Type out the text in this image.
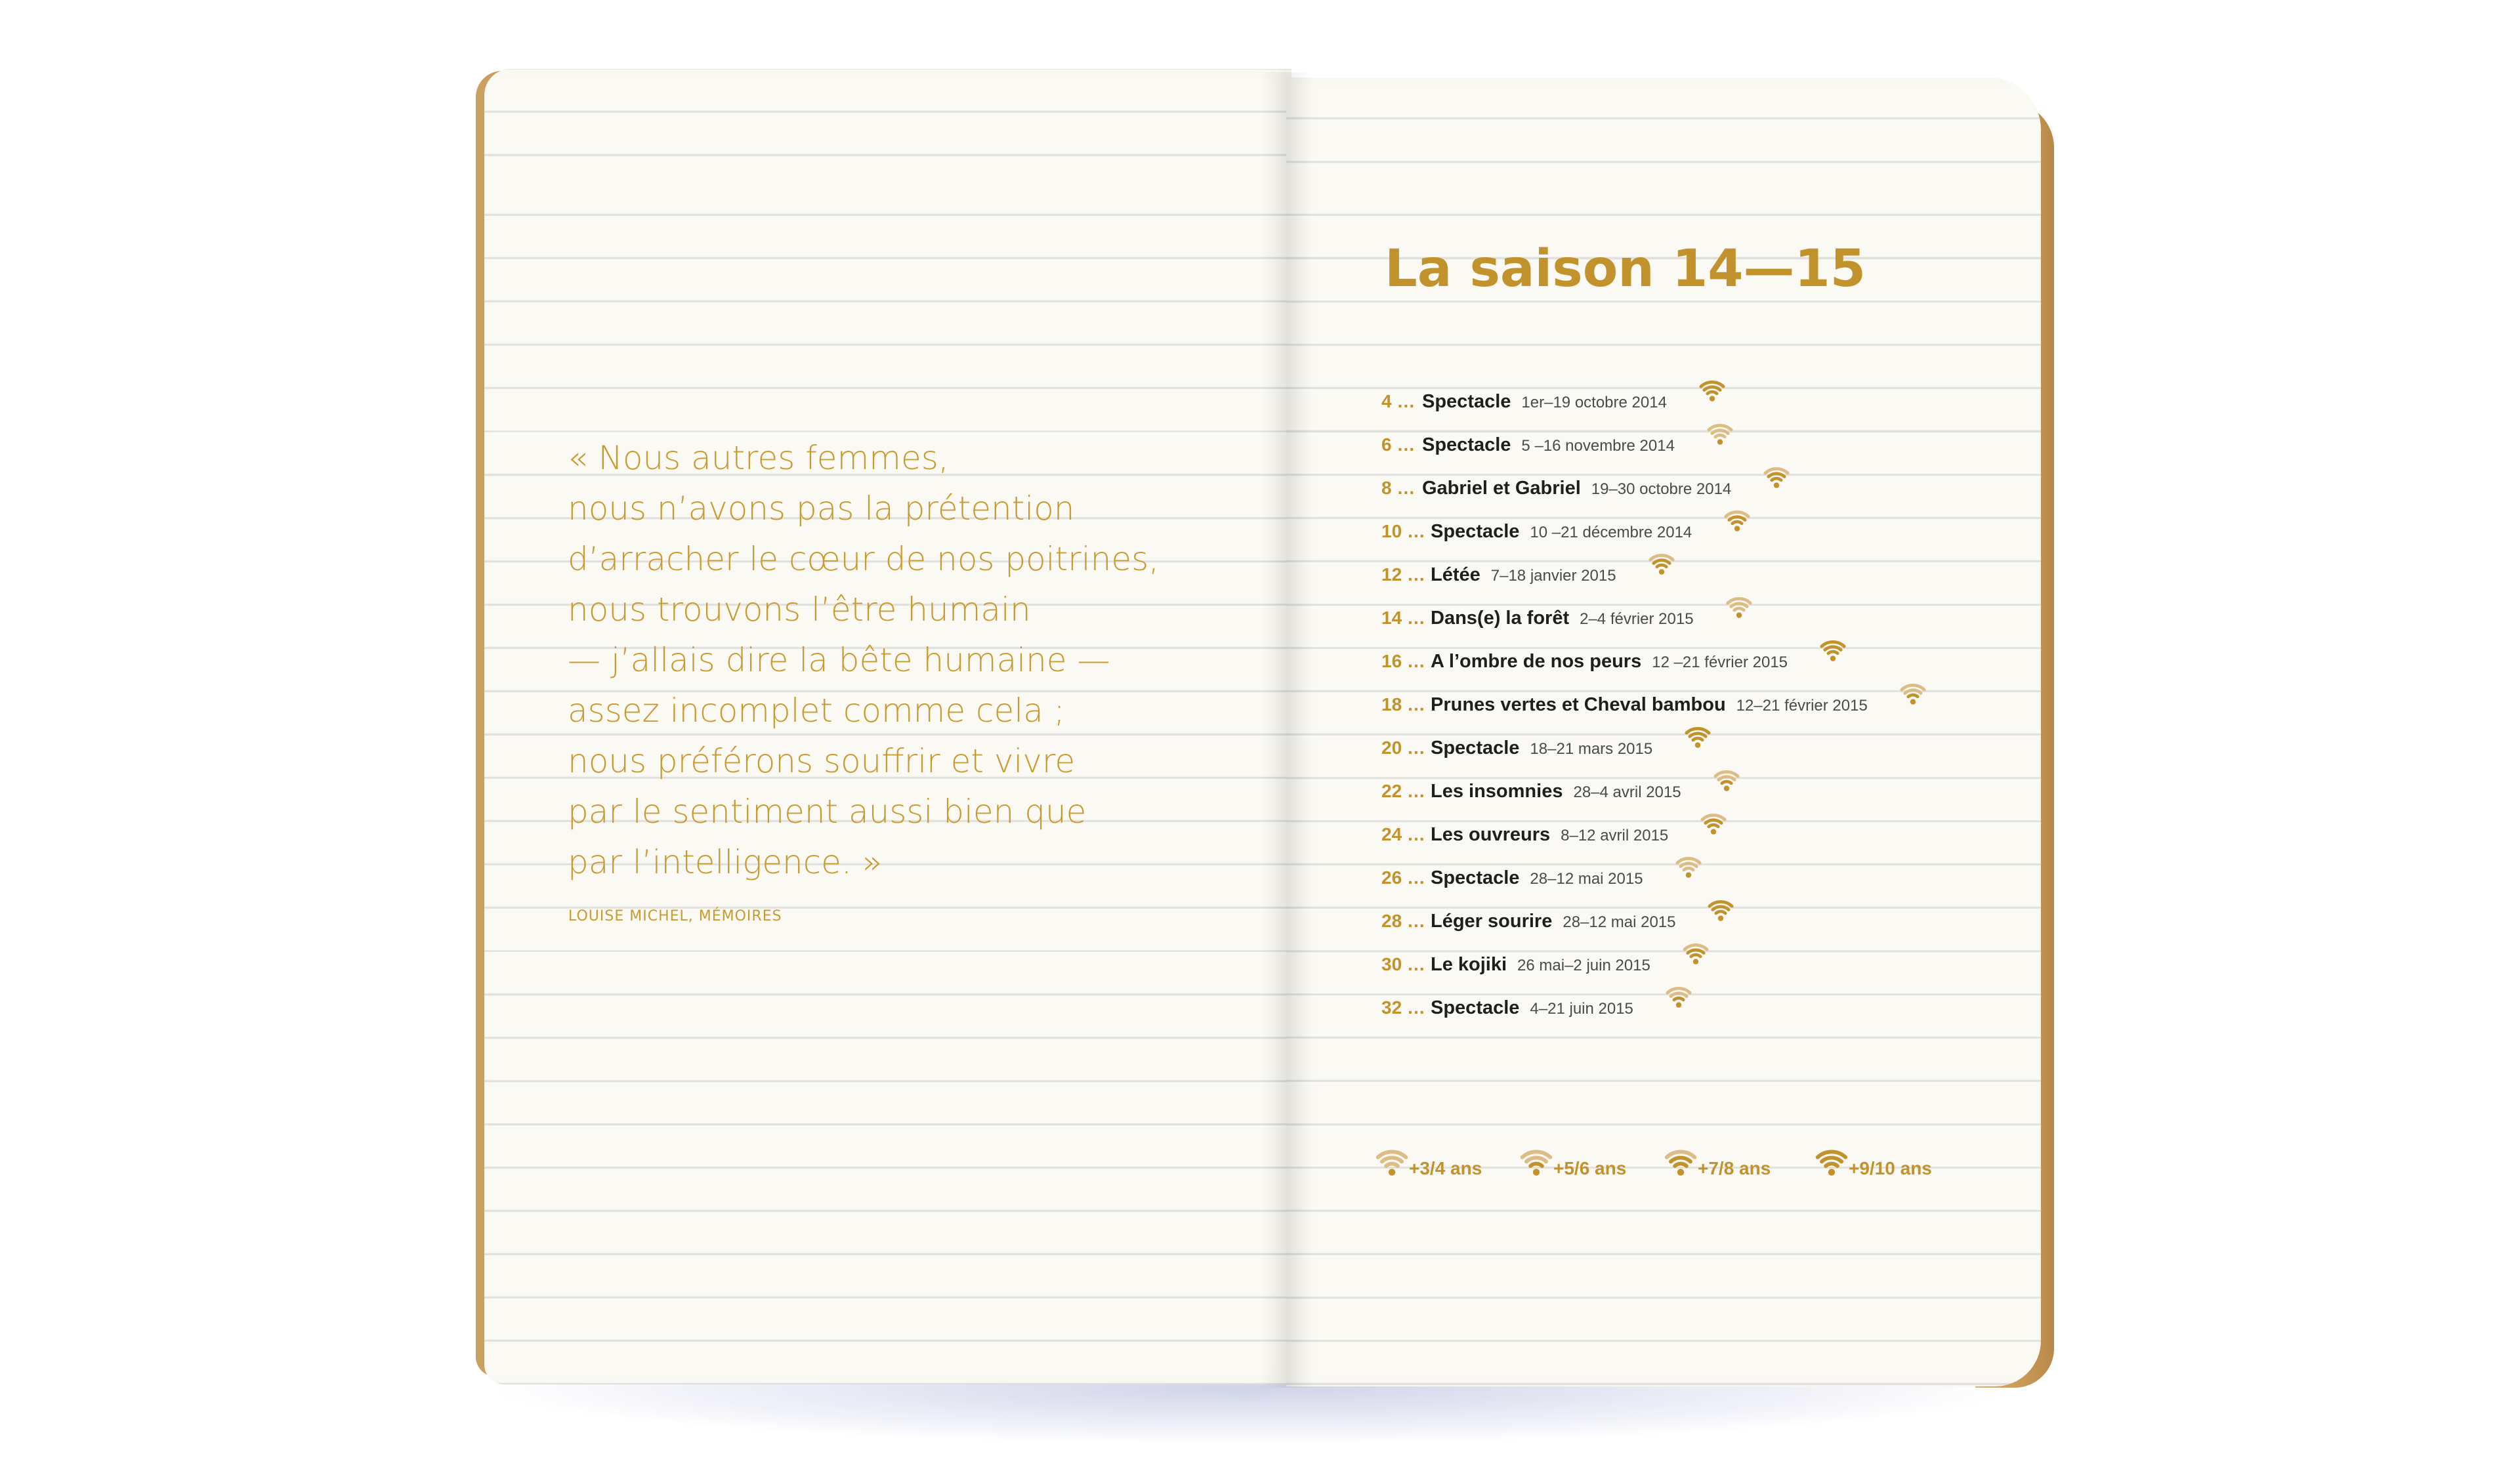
« Nous autres femmes,
nous n’avons pas la prétention
d’arracher le cœur de nos poitrines,
nous trouvons l’être humain
— j’allais dire la bête humaine —
assez incomplet comme cela ;
nous préférons souffrir et vivre
par le sentiment aussi bien que
par l’intelligence. »
LOUISE MICHEL, MÉMOIRES
La saison 14—15
4 … Spectacle 1er–19 octobre 2014
6 … Spectacle 5 –16 novembre 2014
8 … Gabriel et Gabriel 19–30 octobre 2014
10 … Spectacle 10 –21 décembre 2014
12 … Létée 7–18 janvier 2015
14 … Dans(e) la forêt 2–4 février 2015
16 … A l’ombre de nos peurs 12 –21 février 2015
18 … Prunes vertes et Cheval bambou 12–21 février 2015
20 … Spectacle 18–21 mars 2015
22 … Les insomnies 28–4 avril 2015
24 … Les ouvreurs 8–12 avril 2015
26 … Spectacle 28–12 mai 2015
28 … Léger sourire 28–12 mai 2015
30 … Le kojiki 26 mai–2 juin 2015
32 … Spectacle 4–21 juin 2015
+3/4 ans	+5/6 ans	+7/8 ans	+9/10 ans
